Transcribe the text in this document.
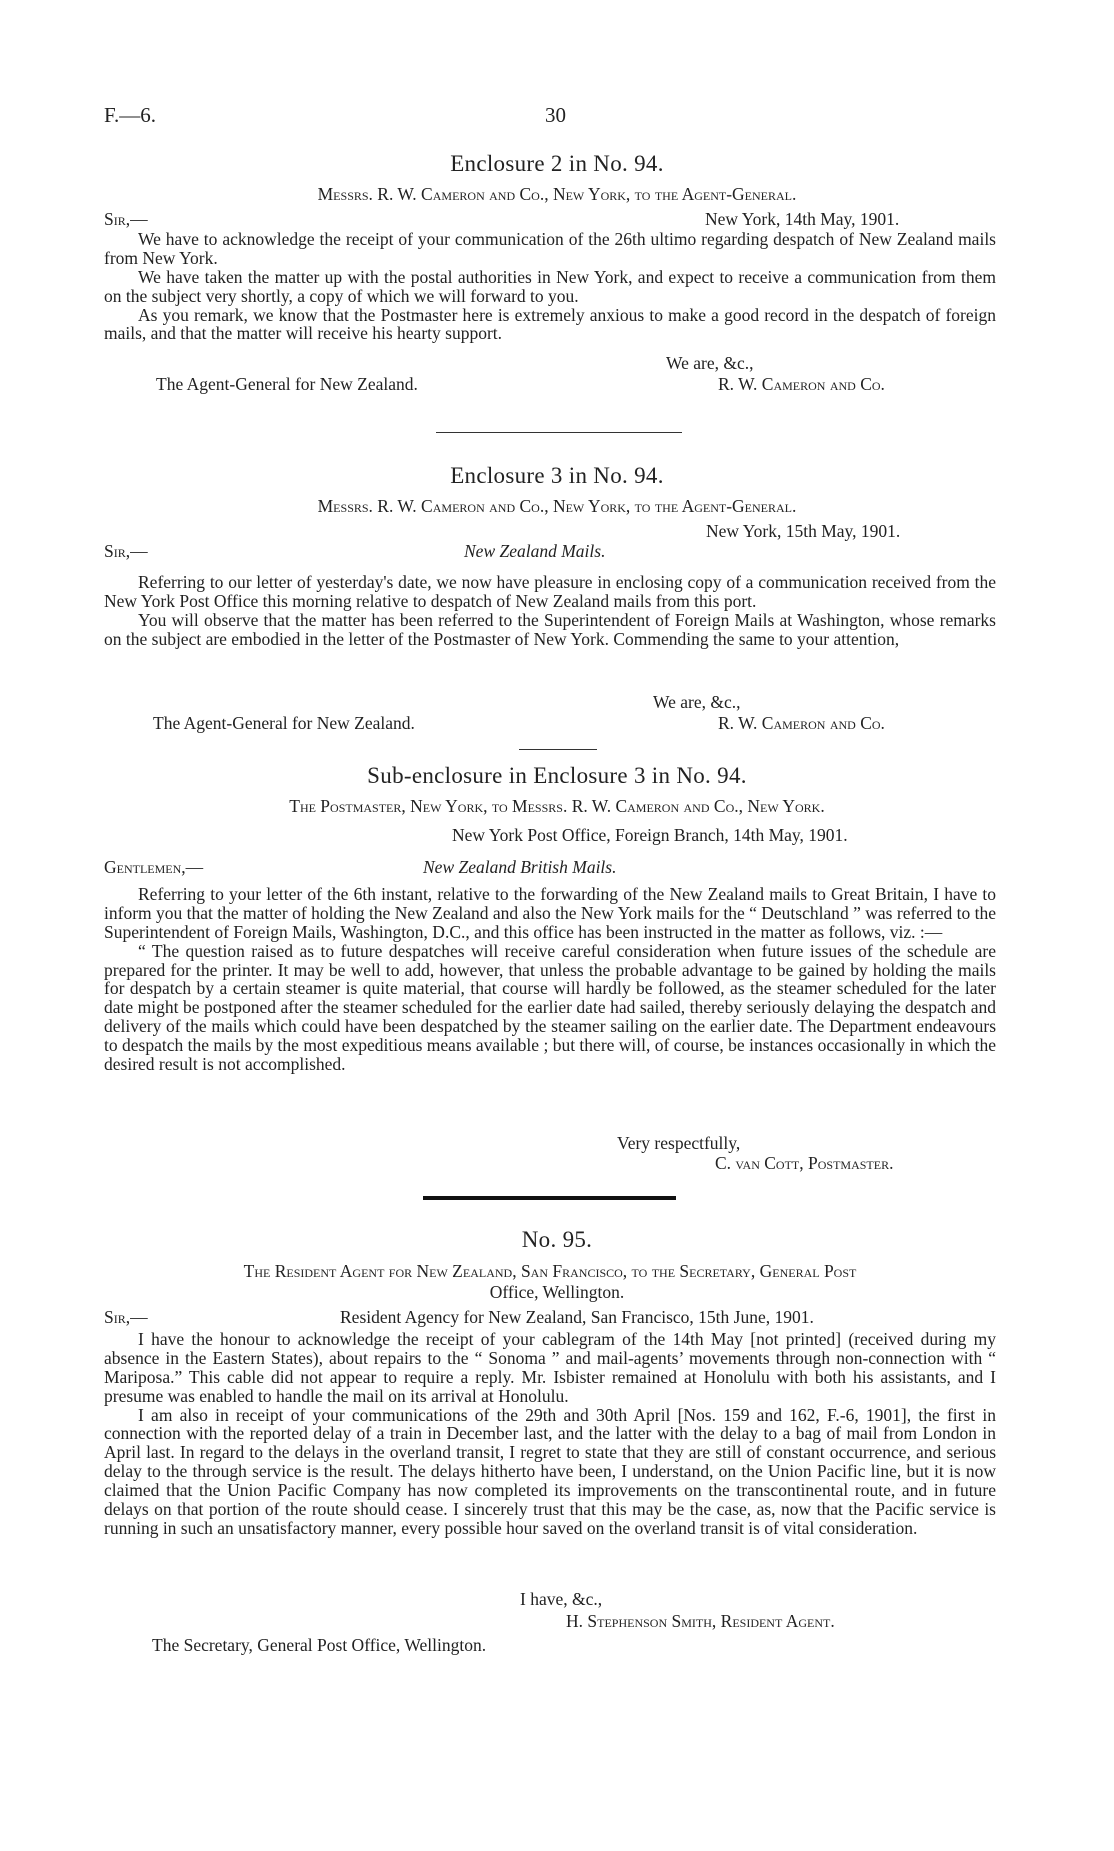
F.—6.	30
Enclosure 2 in No. 94.
Messrs. R. W. Cameron and Co., New York, to the Agent-General.
Sir,—	New York, 14th May, 1901.

We have to acknowledge the receipt of your communication of the 26th ultimo regarding despatch of New Zealand mails from New York.

We have taken the matter up with the postal authorities in New York, and expect to receive a communication from them on the subject very shortly, a copy of which we will forward to you.

As you remark, we know that the Postmaster here is extremely anxious to make a good record in the despatch of foreign mails, and that the matter will receive his hearty support.

We are, &c.,
The Agent-General for New Zealand.	R. W. Cameron and Co.
Enclosure 3 in No. 94.
Messrs. R. W. Cameron and Co., New York, to the Agent-General.
New York, 15th May, 1901.
Sir,—	New Zealand Mails.

Referring to our letter of yesterday's date, we now have pleasure in enclosing copy of a communication received from the New York Post Office this morning relative to despatch of New Zealand mails from this port.

You will observe that the matter has been referred to the Superintendent of Foreign Mails at Washington, whose remarks on the subject are embodied in the letter of the Postmaster of New York. Commending the same to your attention,

We are, &c.,
The Agent-General for New Zealand.	R. W. Cameron and Co.
Sub-enclosure in Enclosure 3 in No. 94.
The Postmaster, New York, to Messrs. R. W. Cameron and Co., New York.
New York Post Office, Foreign Branch, 14th May, 1901.
Gentlemen,—	New Zealand British Mails.

Referring to your letter of the 6th instant, relative to the forwarding of the New Zealand mails to Great Britain, I have to inform you that the matter of holding the New Zealand and also the New York mails for the “ Deutschland ” was referred to the Superintendent of Foreign Mails, Washington, D.C., and this office has been instructed in the matter as follows, viz. :—

“ The question raised as to future despatches will receive careful consideration when future issues of the schedule are prepared for the printer. It may be well to add, however, that unless the probable advantage to be gained by holding the mails for despatch by a certain steamer is quite material, that course will hardly be followed, as the steamer scheduled for the later date might be postponed after the steamer scheduled for the earlier date had sailed, thereby seriously delaying the despatch and delivery of the mails which could have been despatched by the steamer sailing on the earlier date. The Department endeavours to despatch the mails by the most expeditious means available ; but there will, of course, be instances occasionally in which the desired result is not accomplished.

Very respectfully,
C. van Cott, Postmaster.
No. 95.
The Resident Agent for New Zealand, San Francisco, to the Secretary, General Post
Office, Wellington.
Sir,—	Resident Agency for New Zealand, San Francisco, 15th June, 1901.

I have the honour to acknowledge the receipt of your cablegram of the 14th May [not printed] (received during my absence in the Eastern States), about repairs to the “ Sonoma ” and mail-agents’ movements through non-connection with “ Mariposa.” This cable did not appear to require a reply. Mr. Isbister remained at Honolulu with both his assistants, and I presume was enabled to handle the mail on its arrival at Honolulu.

I am also in receipt of your communications of the 29th and 30th April [Nos. 159 and 162, F.-6, 1901], the first in connection with the reported delay of a train in December last, and the latter with the delay to a bag of mail from London in April last. In regard to the delays in the overland transit, I regret to state that they are still of constant occurrence, and serious delay to the through service is the result. The delays hitherto have been, I understand, on the Union Pacific line, but it is now claimed that the Union Pacific Company has now completed its improvements on the transcontinental route, and in future delays on that portion of the route should cease. I sincerely trust that this may be the case, as, now that the Pacific service is running in such an unsatisfactory manner, every possible hour saved on the overland transit is of vital consideration.

I have, &c.,
H. Stephenson Smith, Resident Agent.
The Secretary, General Post Office, Wellington.
